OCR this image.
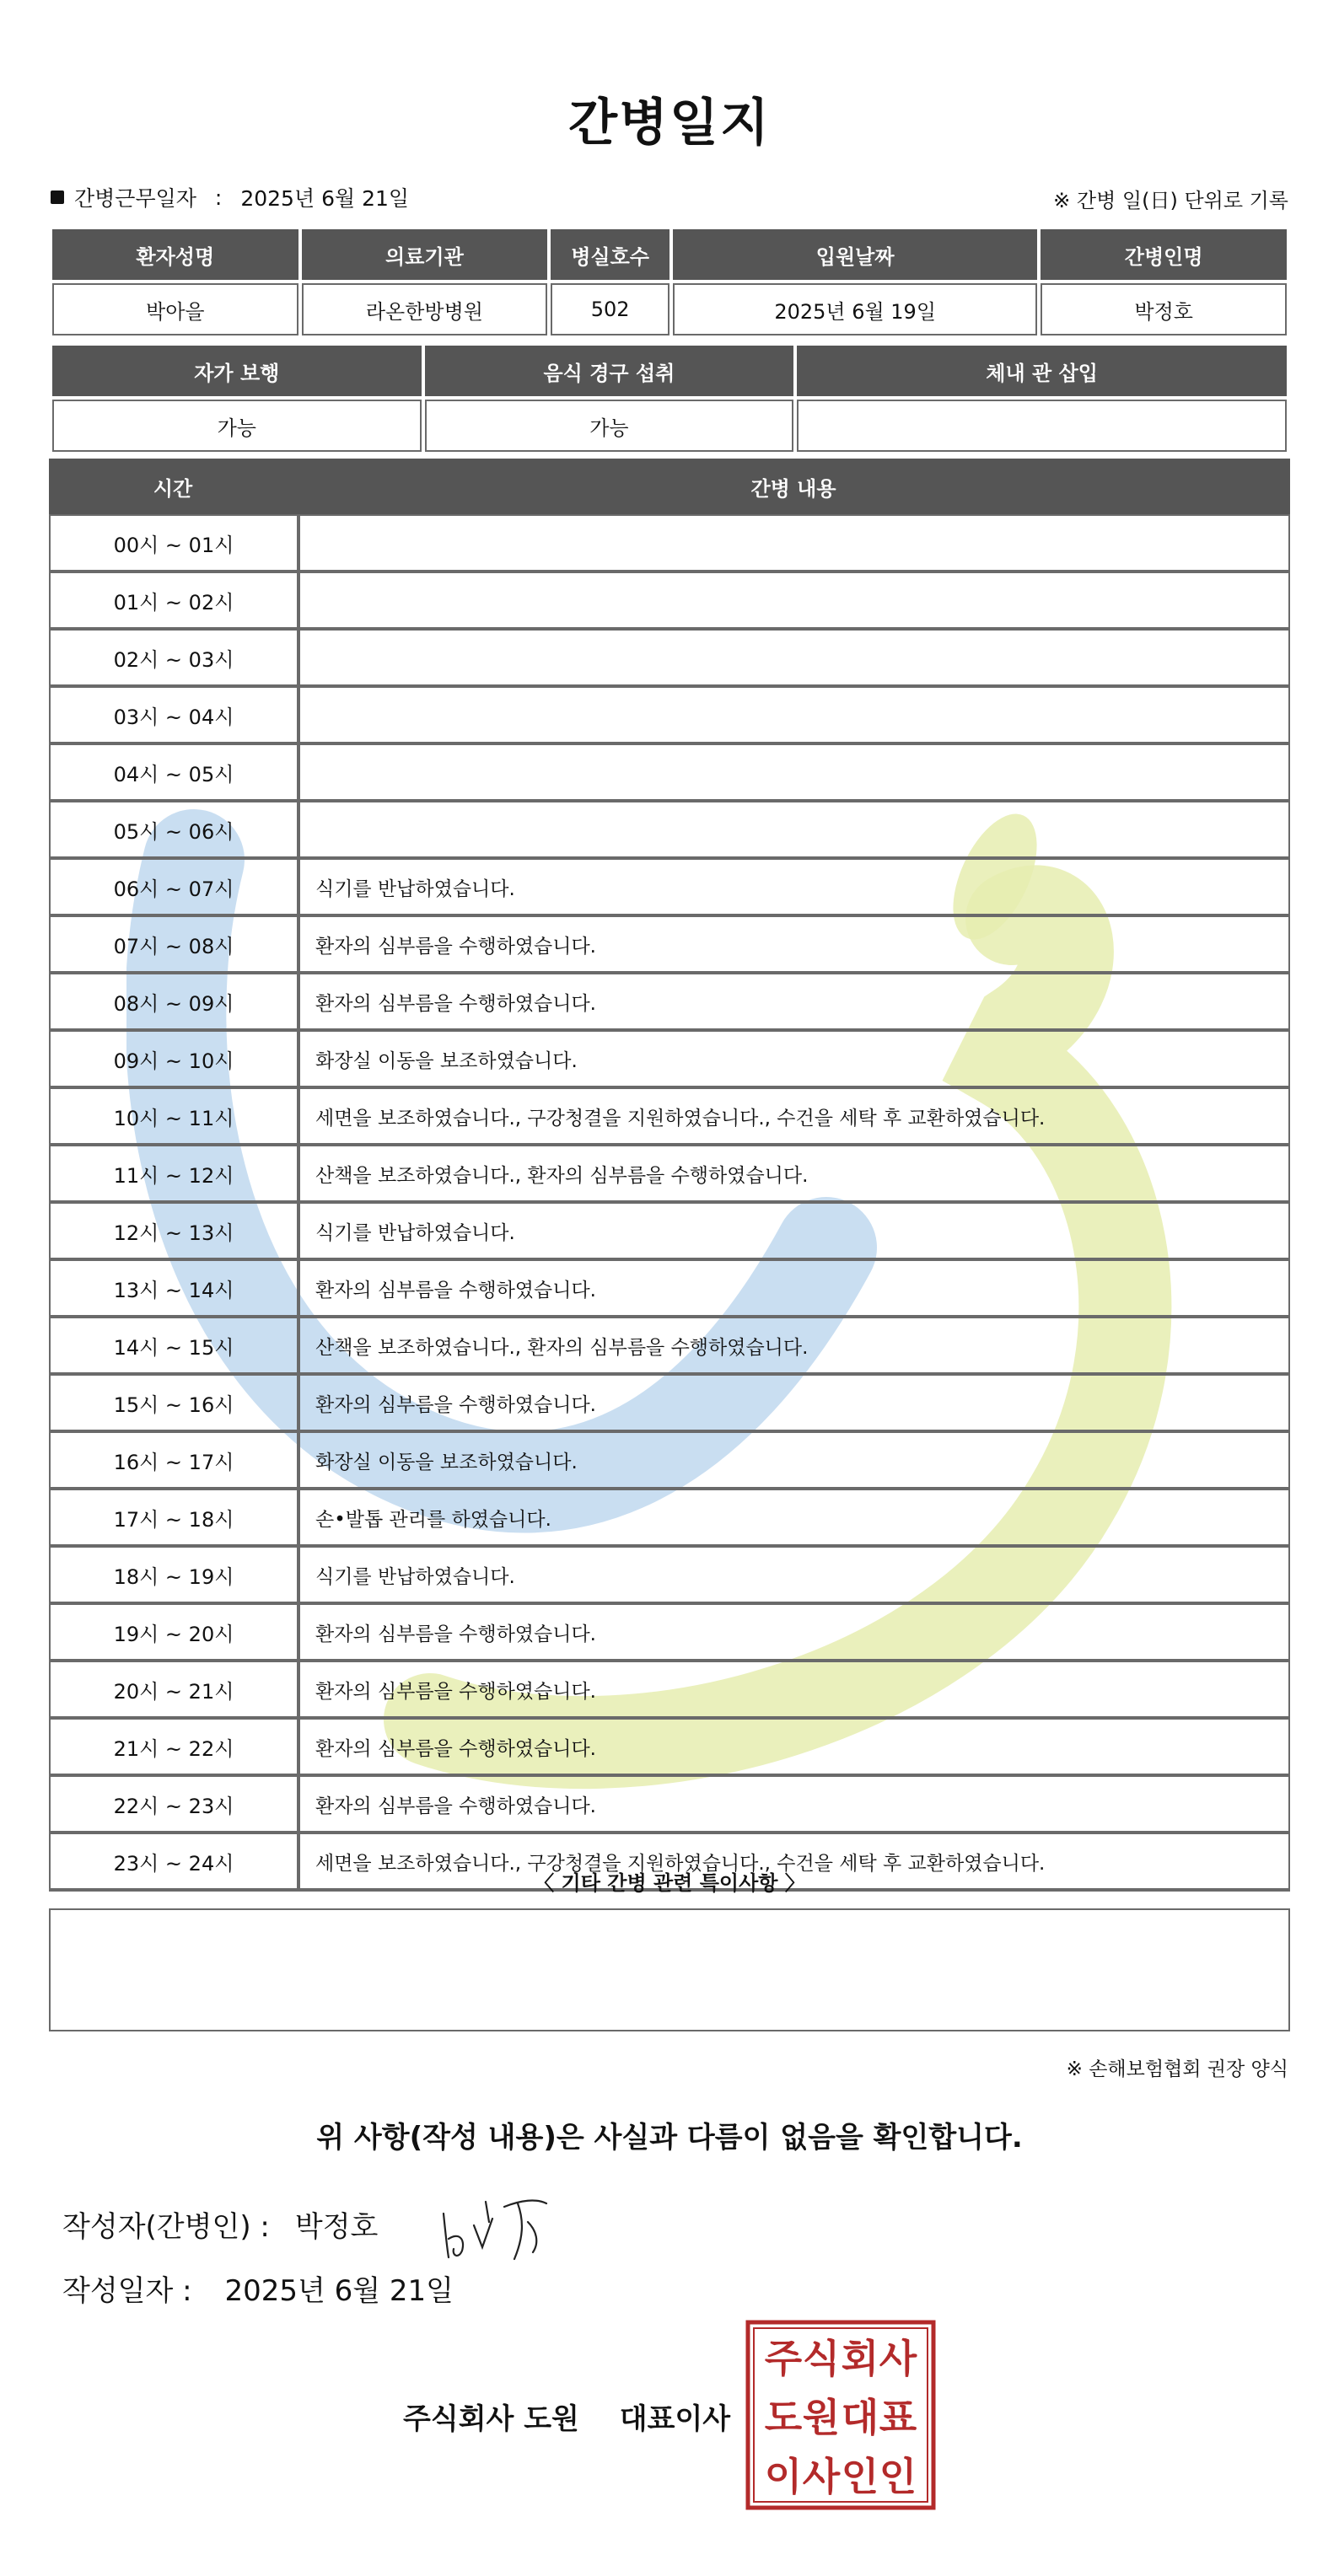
간병일지
간병근무일자 : 2025년 6월 21일	※ 간병 일(日) 단위로 기록
환자성명	의료기관	병실호수	입원날짜	간병인명
박아을	라온한방병원	502	2025년 6월 19일	박정호
자가 보행	음식 경구 섭취	체내 관 삽입
가능	가능	
시간	간병 내용
00시 ~ 01시
01시 ~ 02시
02시 ~ 03시
03시 ~ 04시
04시 ~ 05시
05시 ~ 06시
06시 ~ 07시	식기를 반납하였습니다.
07시 ~ 08시	환자의 심부름을 수행하였습니다.
08시 ~ 09시	환자의 심부름을 수행하였습니다.
09시 ~ 10시	화장실 이동을 보조하였습니다.
10시 ~ 11시	세면을 보조하였습니다., 구강청결을 지원하였습니다., 수건을 세탁 후 교환하였습니다.
11시 ~ 12시	산책을 보조하였습니다., 환자의 심부름을 수행하였습니다.
12시 ~ 13시	식기를 반납하였습니다.
13시 ~ 14시	환자의 심부름을 수행하였습니다.
14시 ~ 15시	산책을 보조하였습니다., 환자의 심부름을 수행하였습니다.
15시 ~ 16시	환자의 심부름을 수행하였습니다.
16시 ~ 17시	화장실 이동을 보조하였습니다.
17시 ~ 18시	손•발톱 관리를 하였습니다.
18시 ~ 19시	식기를 반납하였습니다.
19시 ~ 20시	환자의 심부름을 수행하였습니다.
20시 ~ 21시	환자의 심부름을 수행하였습니다.
21시 ~ 22시	환자의 심부름을 수행하였습니다.
22시 ~ 23시	환자의 심부름을 수행하였습니다.
23시 ~ 24시	세면을 보조하였습니다., 구강청결을 지원하였습니다., 수건을 세탁 후 교환하였습니다.
〈 기타 간병 관련 특이사항 〉
※ 손해보험협회 권장 양식
위 사항(작성 내용)은 사실과 다름이 없음을 확인합니다.
작성자(간병인) : 박정호
작성일자 : 2025년 6월 21일
주식회사 도원 대표이사
주 식 회 사
도 원 대 표
이 사 인 인
